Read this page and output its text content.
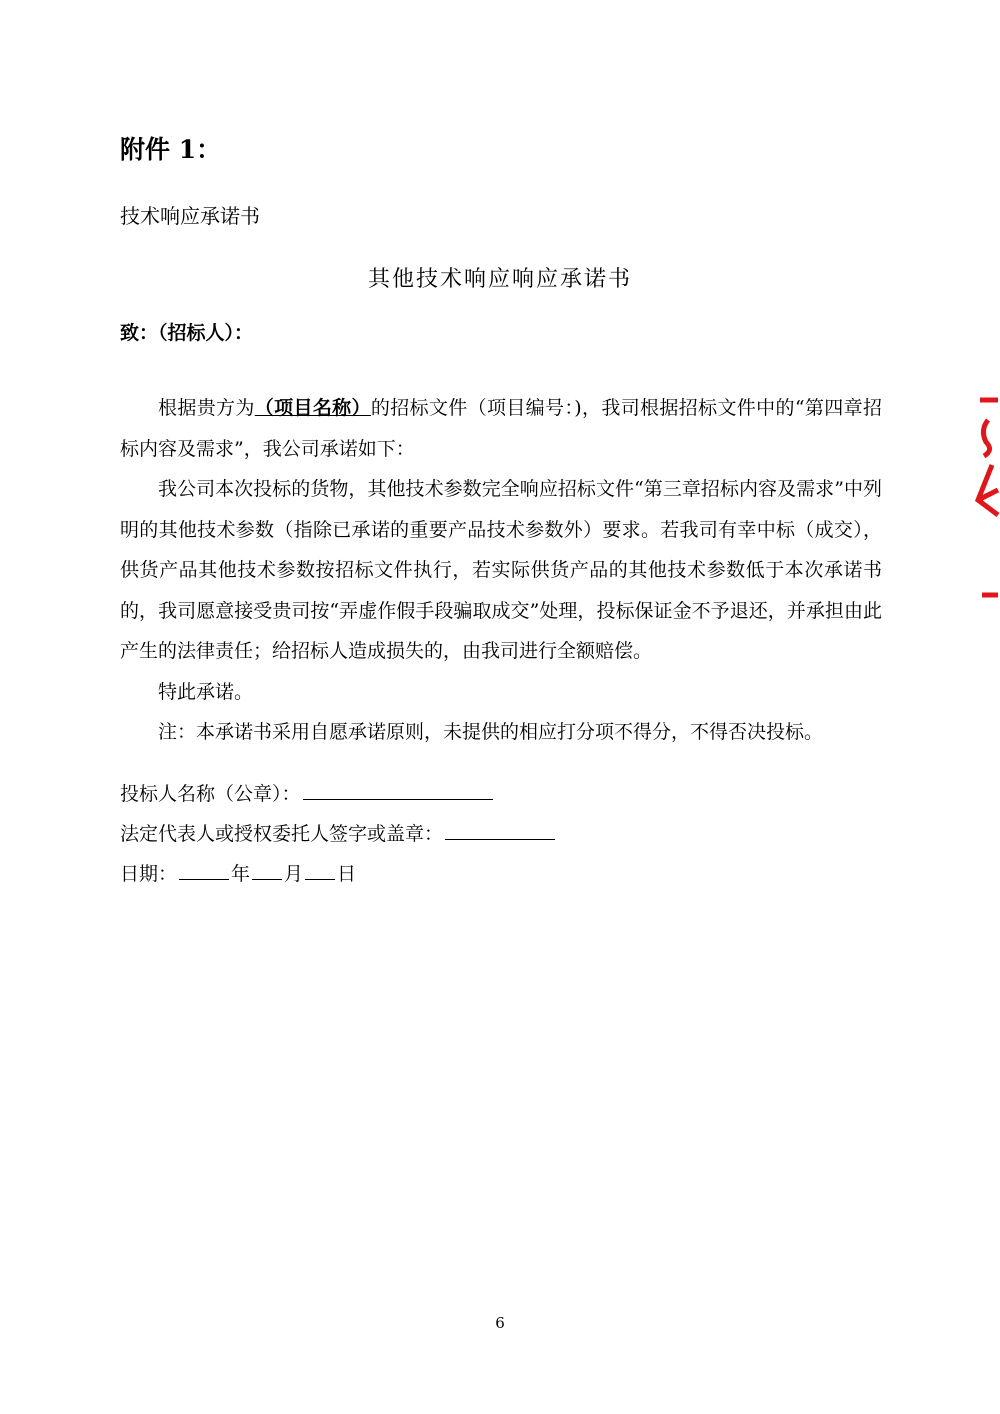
附件 1：
技术响应承诺书
其他技术响应响应承诺书
致：（招标人）：

根据贵方为（项目名称）的招标文件（项目编号：)，我司根据招标文件中的“第四章招标内容及需求”，我公司承诺如下：

我公司本次投标的货物，其他技术参数完全响应招标文件“第三章招标内容及需求”中列明的其他技术参数（指除已承诺的重要产品技术参数外）要求。若我司有幸中标（成交），供货产品其他技术参数按招标文件执行，若实际供货产品的其他技术参数低于本次承诺书的，我司愿意接受贵司按“弄虚作假手段骗取成交”处理，投标保证金不予退还，并承担由此产生的法律责任；给招标人造成损失的，由我司进行全额赔偿。

特此承诺。

注：本承诺书采用自愿承诺原则，未提供的相应打分项不得分，不得否决投标。

投标人名称（公章）：
法定代表人或授权委托人签字或盖章：
日期：	年 月 日
6
